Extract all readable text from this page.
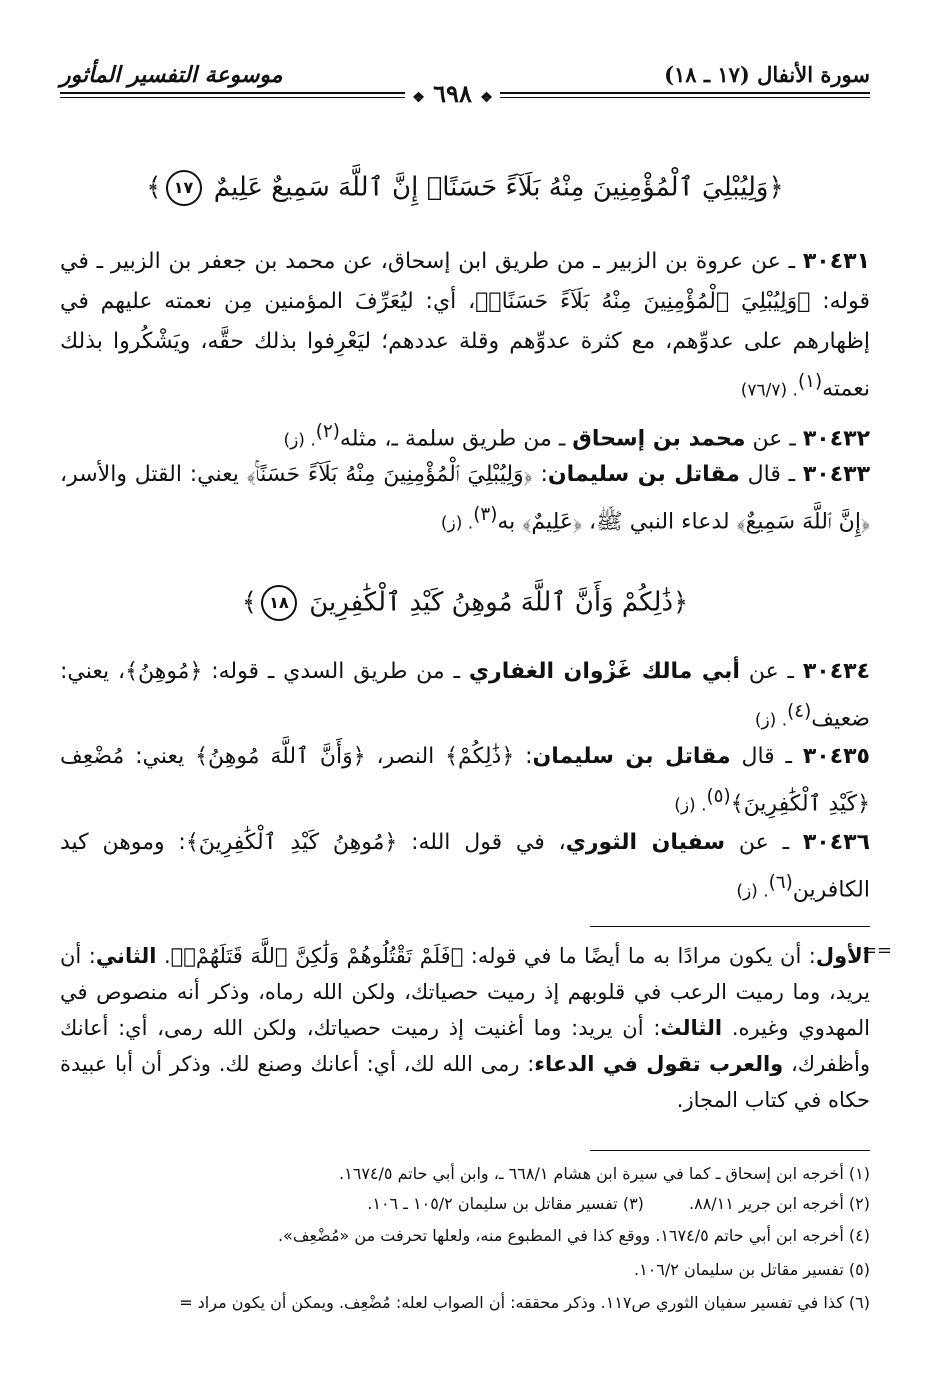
موسوعة التفسير المأثور	سورة الأنفال (١٧ ـ ١٨)
❖ ٦٩٨ ❖
﴿وَلِيُبْلِيَ ٱلْمُؤْمِنِينَ مِنْهُ بَلَآءً حَسَنًاۚ إِنَّ ٱللَّهَ سَمِيعٌ عَلِيمٌ ١٧﴾
٣٠٤٣١ ـ عن عروة بن الزبير ـ من طريق ابن إسحاق، عن محمد بن جعفر بن الزبير ـ في قوله: ﴿وَلِيُبْلِيَ ٱلْمُؤْمِنِينَ مِنْهُ بَلَآءً حَسَنًاۚ﴾، أي: ليُعَرِّفَ المؤمنين مِن نعمته عليهم في إظهارهم على عدوِّهم، مع كثرة عدوِّهم وقلة عددهم؛ ليَعْرِفوا بذلك حقَّه، ويَشْكُروا بذلك نعمته$^{(١)}$. (٧٦/٧)
٣٠٤٣٢ ـ عن محمد بن إسحاق ـ من طريق سلمة ـ، مثله$^{(٢)}$. (ز)
٣٠٤٣٣ ـ قال مقاتل بن سليمان: ﴿وَلِيُبْلِيَ ٱلْمُؤْمِنِينَ مِنْهُ بَلَآءً حَسَنًاۚ﴾ يعني: القتل والأسر، ﴿إِنَّ ٱللَّهَ سَمِيعٌ﴾ لدعاء النبي ﷺ، ﴿عَلِيمٌ﴾ به$^{(٣)}$. (ز)
﴿ذَٰلِكُمْ وَأَنَّ ٱللَّهَ مُوهِنُ كَيْدِ ٱلْكَٰفِرِينَ ١٨﴾
٣٠٤٣٤ ـ عن أبي مالك غَزْوان الغفاري ـ من طريق السدي ـ قوله: ﴿مُوهِنُ﴾، يعني: ضعيف$^{(٤)}$. (ز)
٣٠٤٣٥ ـ قال مقاتل بن سليمان: ﴿ذَٰلِكُمْ﴾ النصر، ﴿وَأَنَّ ٱللَّهَ مُوهِنُ﴾ يعني: مُضْعِف ﴿كَيْدِ ٱلْكَٰفِرِينَ﴾$^{(٥)}$. (ز)
٣٠٤٣٦ ـ عن سفيان الثوري، في قول الله: ﴿مُوهِنُ كَيْدِ ٱلْكَٰفِرِينَ﴾: وموهن كيد الكافرين$^{(٦)}$. (ز)
==
الأول: أن يكون مرادًا به ما أيضًا ما في قوله: ﴿فَلَمْ تَقْتُلُوهُمْ وَلَٰكِنَّ ٱللَّهَ قَتَلَهُمْۚ﴾. الثاني: أن يريد، وما رميت الرعب في قلوبهم إذ رميت حصياتك، ولكن الله رماه، وذكر أنه منصوص في المهدوي وغيره. الثالث: أن يريد: وما أغنيت إذ رميت حصياتك، ولكن الله رمى، أي: أعانك وأظفرك، والعرب تقول في الدعاء: رمى الله لك، أي: أعانك وصنع لك. وذكر أن أبا عبيدة حكاه في كتاب المجاز.
(١) أخرجه ابن إسحاق ـ كما في سيرة ابن هشام ٦٦٨/١ ـ، وابن أبي حاتم ١٦٧٤/٥.
(٢) أخرجه ابن جرير ٨٨/١١. (٣) تفسير مقاتل بن سليمان ١٠٥/٢ ـ ١٠٦.
(٤) أخرجه ابن أبي حاتم ١٦٧٤/٥. ووقع كذا في المطبوع منه، ولعلها تحرفت من «مُضْعِف».
(٥) تفسير مقاتل بن سليمان ١٠٦/٢.
(٦) كذا في تفسير سفيان الثوري ص١١٧. وذكر محققه: أن الصواب لعله: مُضْعِف. ويمكن أن يكون مراد =
